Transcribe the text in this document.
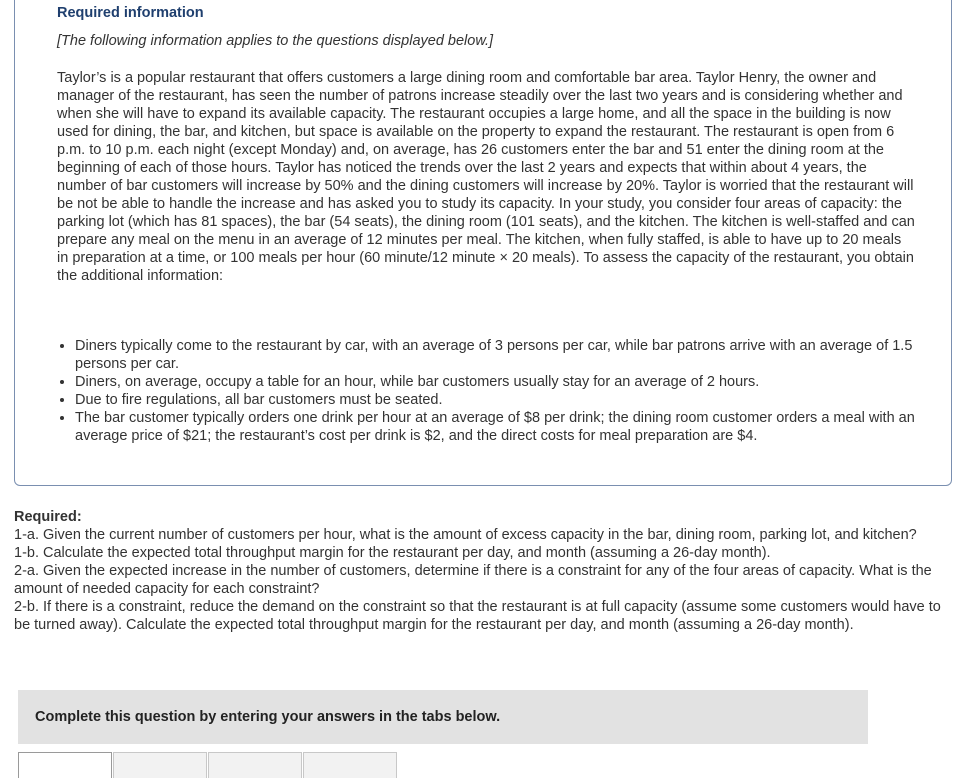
Required information

[The following information applies to the questions displayed below.]

Taylor’s is a popular restaurant that offers customers a large dining room and comfortable bar area. Taylor Henry, the owner and manager of the restaurant, has seen the number of patrons increase steadily over the last two years and is considering whether and when she will have to expand its available capacity. The restaurant occupies a large home, and all the space in the building is now used for dining, the bar, and kitchen, but space is available on the property to expand the restaurant. The restaurant is open from 6 p.m. to 10 p.m. each night (except Monday) and, on average, has 26 customers enter the bar and 51 enter the dining room at the beginning of each of those hours. Taylor has noticed the trends over the last 2 years and expects that within about 4 years, the number of bar customers will increase by 50% and the dining customers will increase by 20%. Taylor is worried that the restaurant will be not be able to handle the increase and has asked you to study its capacity. In your study, you consider four areas of capacity: the parking lot (which has 81 spaces), the bar (54 seats), the dining room (101 seats), and the kitchen. The kitchen is well-staffed and can prepare any meal on the menu in an average of 12 minutes per meal. The kitchen, when fully staffed, is able to have up to 20 meals in preparation at a time, or 100 meals per hour (60 minute/12 minute × 20 meals). To assess the capacity of the restaurant, you obtain the additional information:

• Diners typically come to the restaurant by car, with an average of 3 persons per car, while bar patrons arrive with an average of 1.5 persons per car.
• Diners, on average, occupy a table for an hour, while bar customers usually stay for an average of 2 hours.
• Due to fire regulations, all bar customers must be seated.
• The bar customer typically orders one drink per hour at an average of $8 per drink; the dining room customer orders a meal with an average price of $21; the restaurant’s cost per drink is $2, and the direct costs for meal preparation are $4.

Required:

1-a. Given the current number of customers per hour, what is the amount of excess capacity in the bar, dining room, parking lot, and kitchen?

1-b. Calculate the expected total throughput margin for the restaurant per day, and month (assuming a 26-day month).

2-a. Given the expected increase in the number of customers, determine if there is a constraint for any of the four areas of capacity. What is the amount of needed capacity for each constraint?

2-b. If there is a constraint, reduce the demand on the constraint so that the restaurant is at full capacity (assume some customers would have to be turned away). Calculate the expected total throughput margin for the restaurant per day, and month (assuming a 26-day month).

Complete this question by entering your answers in the tabs below.
